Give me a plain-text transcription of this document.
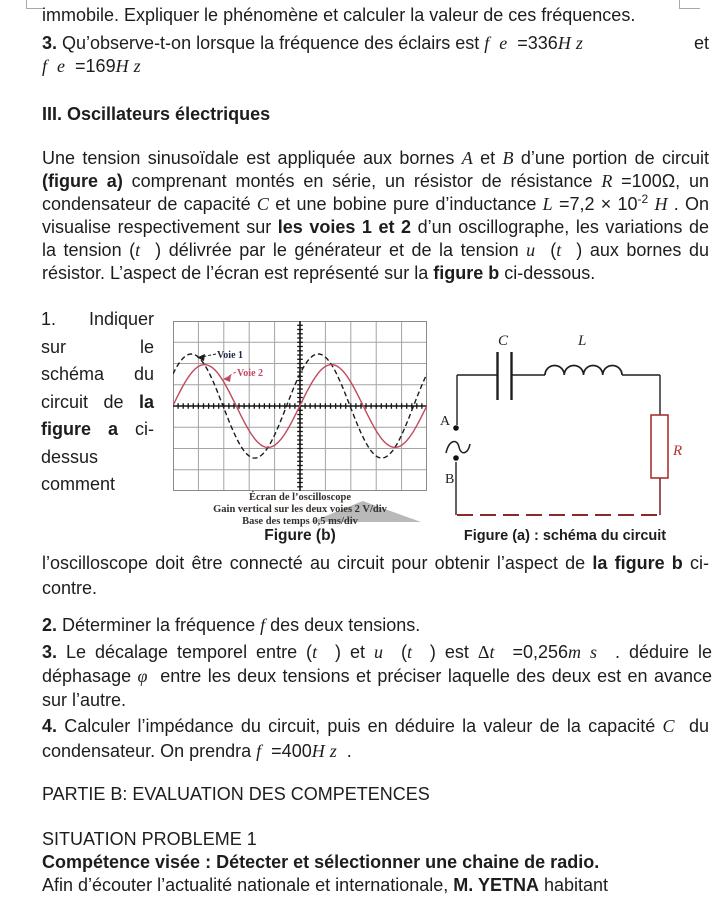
immobile. Expliquer le phénomène et calculer la valeur de ces fréquences.
3. Qu’observe-t-on lorsque la fréquence des éclairs est f e  =336H z	et
f e  =169H z
III. Oscillateurs électriques
Une tension sinusoïdale est appliquée aux bornes A et B d’une portion de circuit (figure a) comprenant montés en série, un résistor de résistance R =100Ω, un condensateur de capacité C et une bobine pure d’inductance $L =7,2 \times 10^{-2}$ H . On visualise respectivement sur les voies 1 et 2 d’un oscillographe, les variations de la tension (t  ) délivrée par le générateur et de la tension u  (t  ) aux bornes du résistor. L’aspect de l’écran est représenté sur la figure b ci-dessous.
1. Indiquer
sur	le
schéma du
circuit de la
figure a ci-
dessus
comment
Voie 1
Voie 2
Écran de l’oscilloscope
Gain vertical sur les deux voies 2 V/div
Base des temps 0,5 ms/div
Figure (b)
C	L
A
B
R
Figure (a) : schéma du circuit
l’oscilloscope doit être connecté au circuit pour obtenir l’aspect de la figure b ci-contre.
2. Déterminer la fréquence f des deux tensions.
3. Le décalage temporel entre (t  ) et u  (t  ) est Δt  =0,256m s  . déduire le déphasage φ  entre les deux tensions et préciser laquelle des deux est en avance sur l’autre.
4. Calculer l’impédance du circuit, puis en déduire la valeur de la capacité C  du condensateur. On prendra f  =400H z  .
PARTIE B: EVALUATION DES COMPETENCES
SITUATION PROBLEME 1
Compétence visée : Détecter et sélectionner une chaine de radio.
Afin d’écouter l’actualité nationale et internationale, M. YETNA habitant
